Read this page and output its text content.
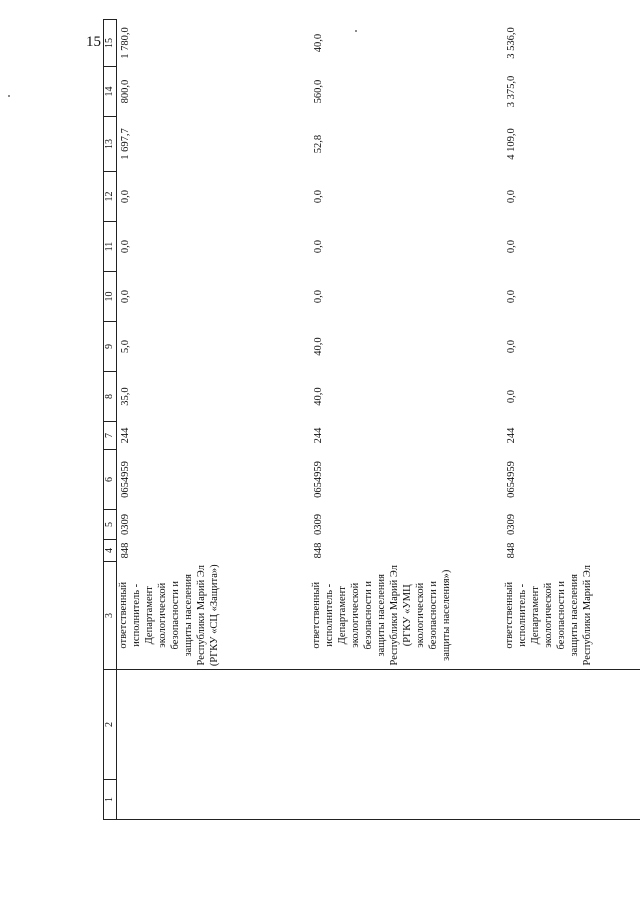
15
1	2	3	4	5	6	7	8	9	10	11	12	13	14	15
		ответственный исполнитель - Департамент экологической безопасности и защиты населения Республики Марий Эл (РГКУ «СЦ «Защита»)	848	0309	0654959	244	35,0	5,0	0,0	0,0	0,0	1 697,7	800,0	1 780,0
		ответственный исполнитель - Департамент экологической безопасности и защиты населения Республики Марий Эл (РГКУ «УМЦ экологической безопасности и защиты населения»)	848	0309	0654959	244	40,0	40,0	0,0	0,0	0,0	52,8	560,0	40,0
		ответственный исполнитель - Департамент экологической безопасности и защиты населения Республики Марий Эл	848	0309	0654959	244	0,0	0,0	0,0	0,0	0,0	4 109,0	3 375,0	3 536,0
